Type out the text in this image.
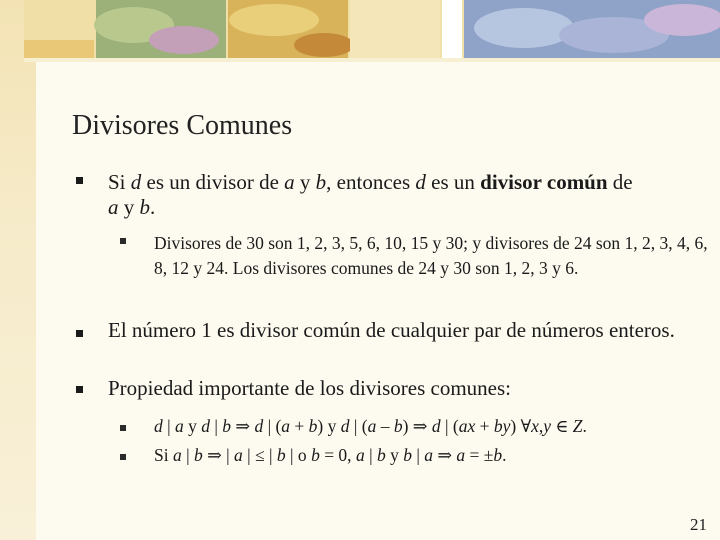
Divisores Comunes
Si d es un divisor de a y b, entonces d es un divisor común de
a y b.
Divisores de 30 son 1, 2, 3, 5, 6, 10, 15 y 30; y divisores de 24 son 1, 2, 3, 4, 6, 8, 12 y 24. Los divisores comunes de 24 y 30 son 1, 2, 3 y 6.
El número 1 es divisor común de cualquier par de números enteros.
Propiedad importante de los divisores comunes:
d | a y d | b ⇒ d | (a + b) y d | (a – b) ⇒ d | (ax + by) ∀x,y ∈ Z.
Si a | b ⇒ | a | ≤ | b | o b = 0, a | b y b | a ⇒ a = ±b.
21
